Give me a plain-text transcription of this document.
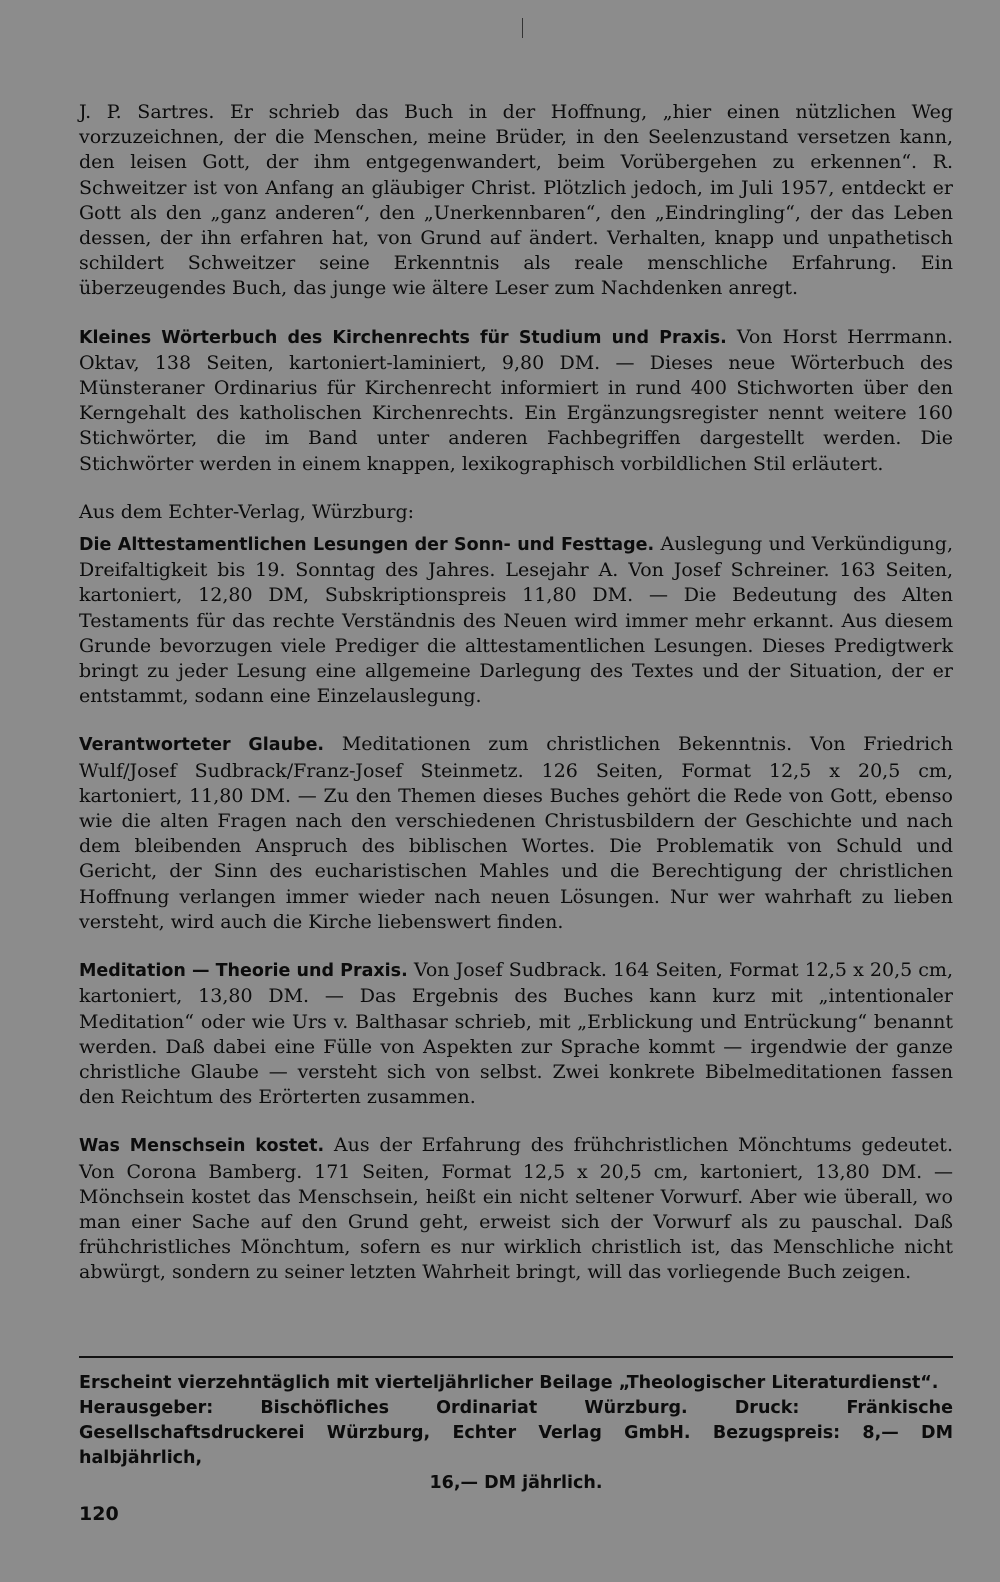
J. P. Sartres. Er schrieb das Buch in der Hoffnung, „hier einen nützlichen Weg vorzuzeichnen, der die Menschen, meine Brüder, in den Seelenzustand versetzen kann, den leisen Gott, der ihm entgegenwandert, beim Vorübergehen zu erkennen“. R. Schweitzer ist von Anfang an gläubiger Christ. Plötzlich jedoch, im Juli 1957, entdeckt er Gott als den „ganz anderen“, den „Unerkennbaren“, den „Eindringling“, der das Leben dessen, der ihn erfahren hat, von Grund auf ändert. Verhalten, knapp und unpathetisch schildert Schweitzer seine Erkenntnis als reale menschliche Erfahrung. Ein überzeugendes Buch, das junge wie ältere Leser zum Nachdenken anregt.

Kleines Wörterbuch des Kirchenrechts für Studium und Praxis. Von Horst Herrmann. Oktav, 138 Seiten, kartoniert-laminiert, 9,80 DM. — Dieses neue Wörterbuch des Münsteraner Ordinarius für Kirchenrecht informiert in rund 400 Stichworten über den Kerngehalt des katholischen Kirchenrechts. Ein Ergänzungsregister nennt weitere 160 Stichwörter, die im Band unter anderen Fachbegriffen dargestellt werden. Die Stichwörter werden in einem knappen, lexikographisch vorbildlichen Stil erläutert.

Aus dem Echter-Verlag, Würzburg:

Die Alttestamentlichen Lesungen der Sonn- und Festtage. Auslegung und Verkündigung, Dreifaltigkeit bis 19. Sonntag des Jahres. Lesejahr A. Von Josef Schreiner. 163 Seiten, kartoniert, 12,80 DM, Subskriptionspreis 11,80 DM. — Die Bedeutung des Alten Testaments für das rechte Verständnis des Neuen wird immer mehr erkannt. Aus diesem Grunde bevorzugen viele Prediger die alttestamentlichen Lesungen. Dieses Predigtwerk bringt zu jeder Lesung eine allgemeine Darlegung des Textes und der Situation, der er entstammt, sodann eine Einzelauslegung.

Verantworteter Glaube. Meditationen zum christlichen Bekenntnis. Von Friedrich Wulf/Josef Sudbrack/Franz-Josef Steinmetz. 126 Seiten, Format 12,5 x 20,5 cm, kartoniert, 11,80 DM. — Zu den Themen dieses Buches gehört die Rede von Gott, ebenso wie die alten Fragen nach den verschiedenen Christusbildern der Geschichte und nach dem bleibenden Anspruch des biblischen Wortes. Die Problematik von Schuld und Gericht, der Sinn des eucharistischen Mahles und die Berechtigung der christlichen Hoffnung verlangen immer wieder nach neuen Lösungen. Nur wer wahrhaft zu lieben versteht, wird auch die Kirche liebenswert finden.

Meditation — Theorie und Praxis. Von Josef Sudbrack. 164 Seiten, Format 12,5 x 20,5 cm, kartoniert, 13,80 DM. — Das Ergebnis des Buches kann kurz mit „intentionaler Meditation“ oder wie Urs v. Balthasar schrieb, mit „Erblickung und Entrückung“ benannt werden. Daß dabei eine Fülle von Aspekten zur Sprache kommt — irgendwie der ganze christliche Glaube — versteht sich von selbst. Zwei konkrete Bibelmeditationen fassen den Reichtum des Erörterten zusammen.

Was Menschsein kostet. Aus der Erfahrung des frühchristlichen Mönchtums gedeutet. Von Corona Bamberg. 171 Seiten, Format 12,5 x 20,5 cm, kartoniert, 13,80 DM. — Mönchsein kostet das Menschsein, heißt ein nicht seltener Vorwurf. Aber wie überall, wo man einer Sache auf den Grund geht, erweist sich der Vorwurf als zu pauschal. Daß frühchristliches Mönchtum, sofern es nur wirklich christlich ist, das Menschliche nicht abwürgt, sondern zu seiner letzten Wahrheit bringt, will das vorliegende Buch zeigen.

Erscheint vierzehntäglich mit vierteljährlicher Beilage „Theologischer Literaturdienst“.
Herausgeber: Bischöfliches Ordinariat Würzburg. Druck: Fränkische Gesellschaftsdruckerei Würzburg, Echter Verlag GmbH. Bezugspreis: 8,— DM halbjährlich,
16,— DM jährlich.
120
